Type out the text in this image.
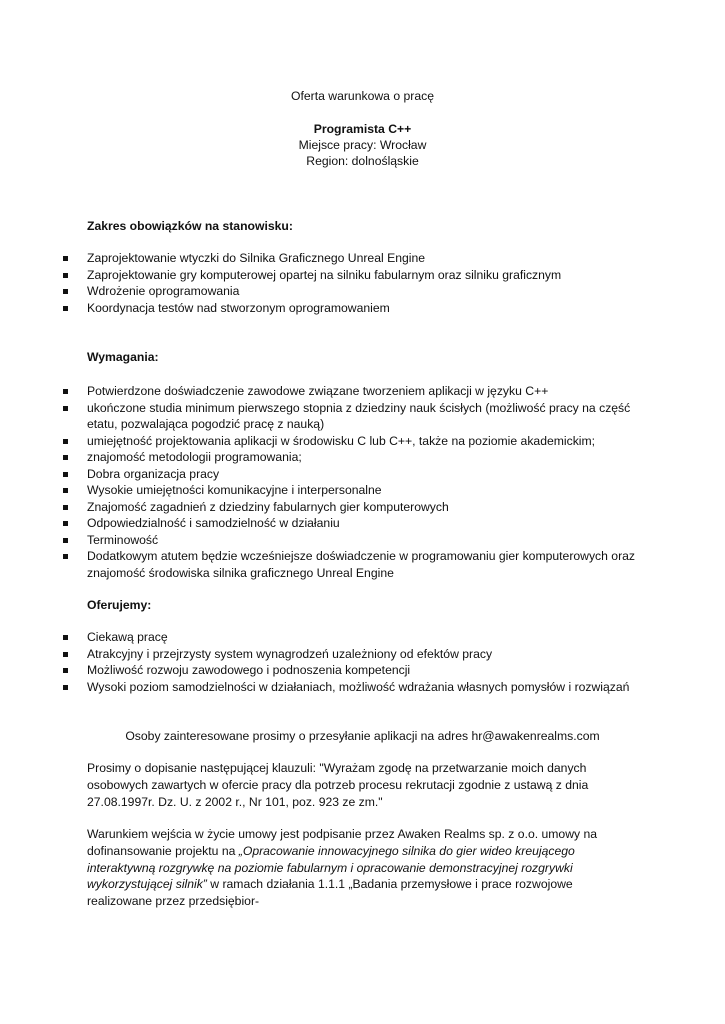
Oferta warunkowa o pracę
Programista C++
Miejsce pracy: Wrocław
Region: dolnośląskie
Zakres obowiązków na stanowisku:
Zaprojektowanie wtyczki do Silnika Graficznego Unreal Engine
Zaprojektowanie gry komputerowej opartej na silniku fabularnym oraz silniku graficznym
Wdrożenie oprogramowania
Koordynacja testów nad stworzonym oprogramowaniem
Wymagania:
Potwierdzone doświadczenie zawodowe związane tworzeniem aplikacji w języku C++
ukończone studia minimum pierwszego stopnia z dziedziny nauk ścisłych (możliwość pracy na część etatu, pozwalająca pogodzić pracę z nauką)
umiejętność projektowania aplikacji w środowisku C lub C++, także na poziomie akademickim;
znajomość metodologii programowania;
Dobra organizacja pracy
Wysokie umiejętności komunikacyjne i interpersonalne
Znajomość zagadnień z dziedziny fabularnych gier komputerowych
Odpowiedzialność i samodzielność w działaniu
Terminowość
Dodatkowym atutem będzie wcześniejsze doświadczenie w programowaniu gier komputerowych oraz znajomość środowiska silnika graficznego Unreal Engine
Oferujemy:
Ciekawą pracę
Atrakcyjny i przejrzysty system wynagrodzeń uzależniony od efektów pracy
Możliwość rozwoju zawodowego i podnoszenia kompetencji
Wysoki poziom samodzielności w działaniach, możliwość wdrażania własnych pomysłów i rozwiązań
Osoby zainteresowane prosimy o przesyłanie aplikacji na adres hr@awakenrealms.com
Prosimy o dopisanie następującej klauzuli: "Wyrażam zgodę na przetwarzanie moich danych osobowych zawartych w ofercie pracy dla potrzeb procesu rekrutacji zgodnie z ustawą z dnia 27.08.1997r. Dz. U. z 2002 r., Nr 101, poz. 923 ze zm."
Warunkiem wejścia w życie umowy jest podpisanie przez Awaken Realms sp. z o.o. umowy na dofinansowanie projektu na „Opracowanie innowacyjnego silnika do gier wideo kreującego interaktywną rozgrywkę na poziomie fabularnym i opracowanie demonstracyjnej rozgrywki wykorzystującej silnik” w ramach działania 1.1.1 „Badania przemysłowe i prace rozwojowe realizowane przez przedsiębior-
